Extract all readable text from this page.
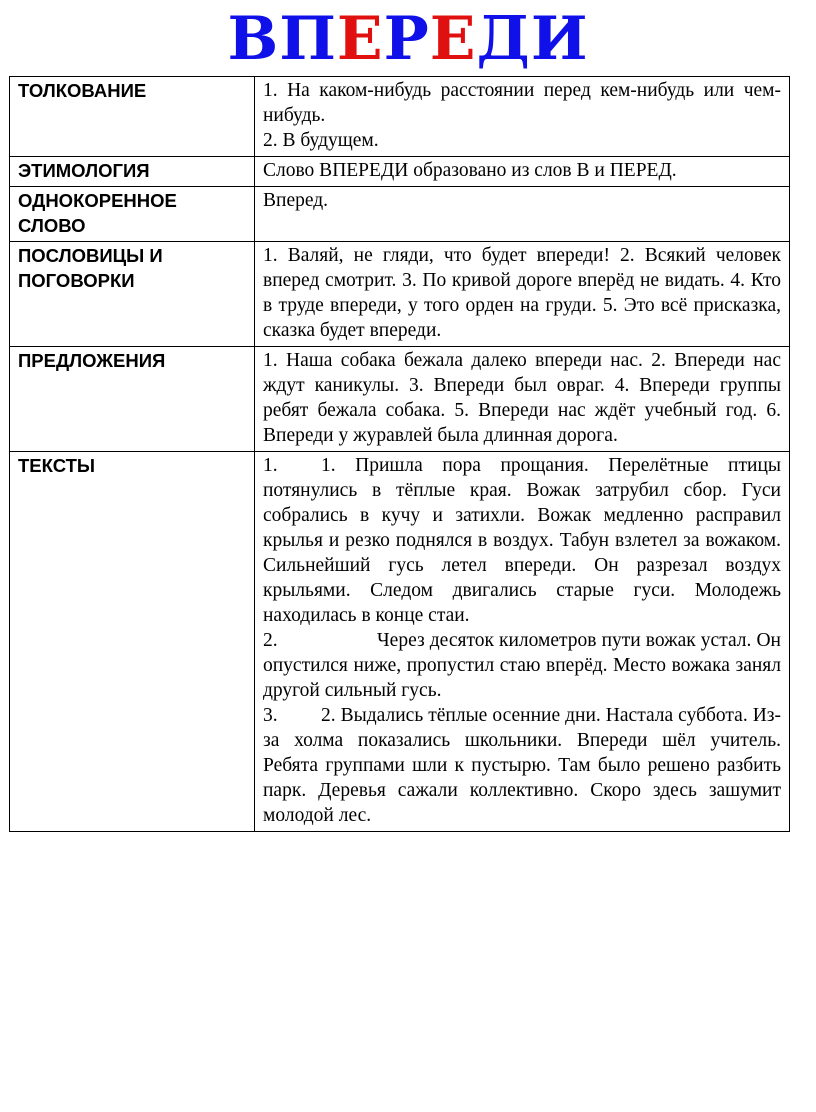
ВПЕРЕДИ
ТОЛКОВАНИЕ	1. На каком-нибудь расстоянии перед кем-нибудь или чем-нибудь.
2. В будущем.

ЭТИМОЛОГИЯ	Слово ВПЕРЕДИ образовано из слов В и ПЕРЕД.
ОДНОКОРЕННОЕ СЛОВО	Вперед.
ПОСЛОВИЦЫ И ПОГОВОРКИ	1. Валяй, не гляди, что будет впереди! 2. Всякий человек вперед смотрит. 3. По кривой дороге вперёд не видать. 4. Кто в труде впереди, у того орден на груди. 5. Это всё присказка, сказка будет впереди.
ПРЕДЛОЖЕНИЯ	1. Наша собака бежала далеко впереди нас. 2. Впереди нас ждут каникулы. 3. Впереди был овраг. 4. Впереди группы ребят бежала собака. 5. Впереди нас ждёт учебный год. 6. Впереди у журавлей была длинная дорога.
ТЕКСТЫ	1. 1. Пришла пора прощания. Перелётные птицы потянулись в тёплые края. Вожак затрубил сбор. Гуси собрались в кучу и затихли. Вожак медленно расправил крылья и резко поднялся в воздух. Табун взлетел за вожаком. Сильнейший гусь летел впереди. Он разрезал воздух крыльями. Следом двигались старые гуси. Молодежь находилась в конце стаи.
2. Через десяток километров пути вожак устал. Он опустился ниже, пропустил стаю вперёд. Место вожака занял другой сильный гусь.
3. 2. Выдались тёплые осенние дни. Настала суббота. Из-за холма показались школьники. Впереди шёл учитель. Ребята группами шли к пустырю. Там было решено разбить парк. Деревья сажали коллективно. Скоро здесь зашумит молодой лес.
